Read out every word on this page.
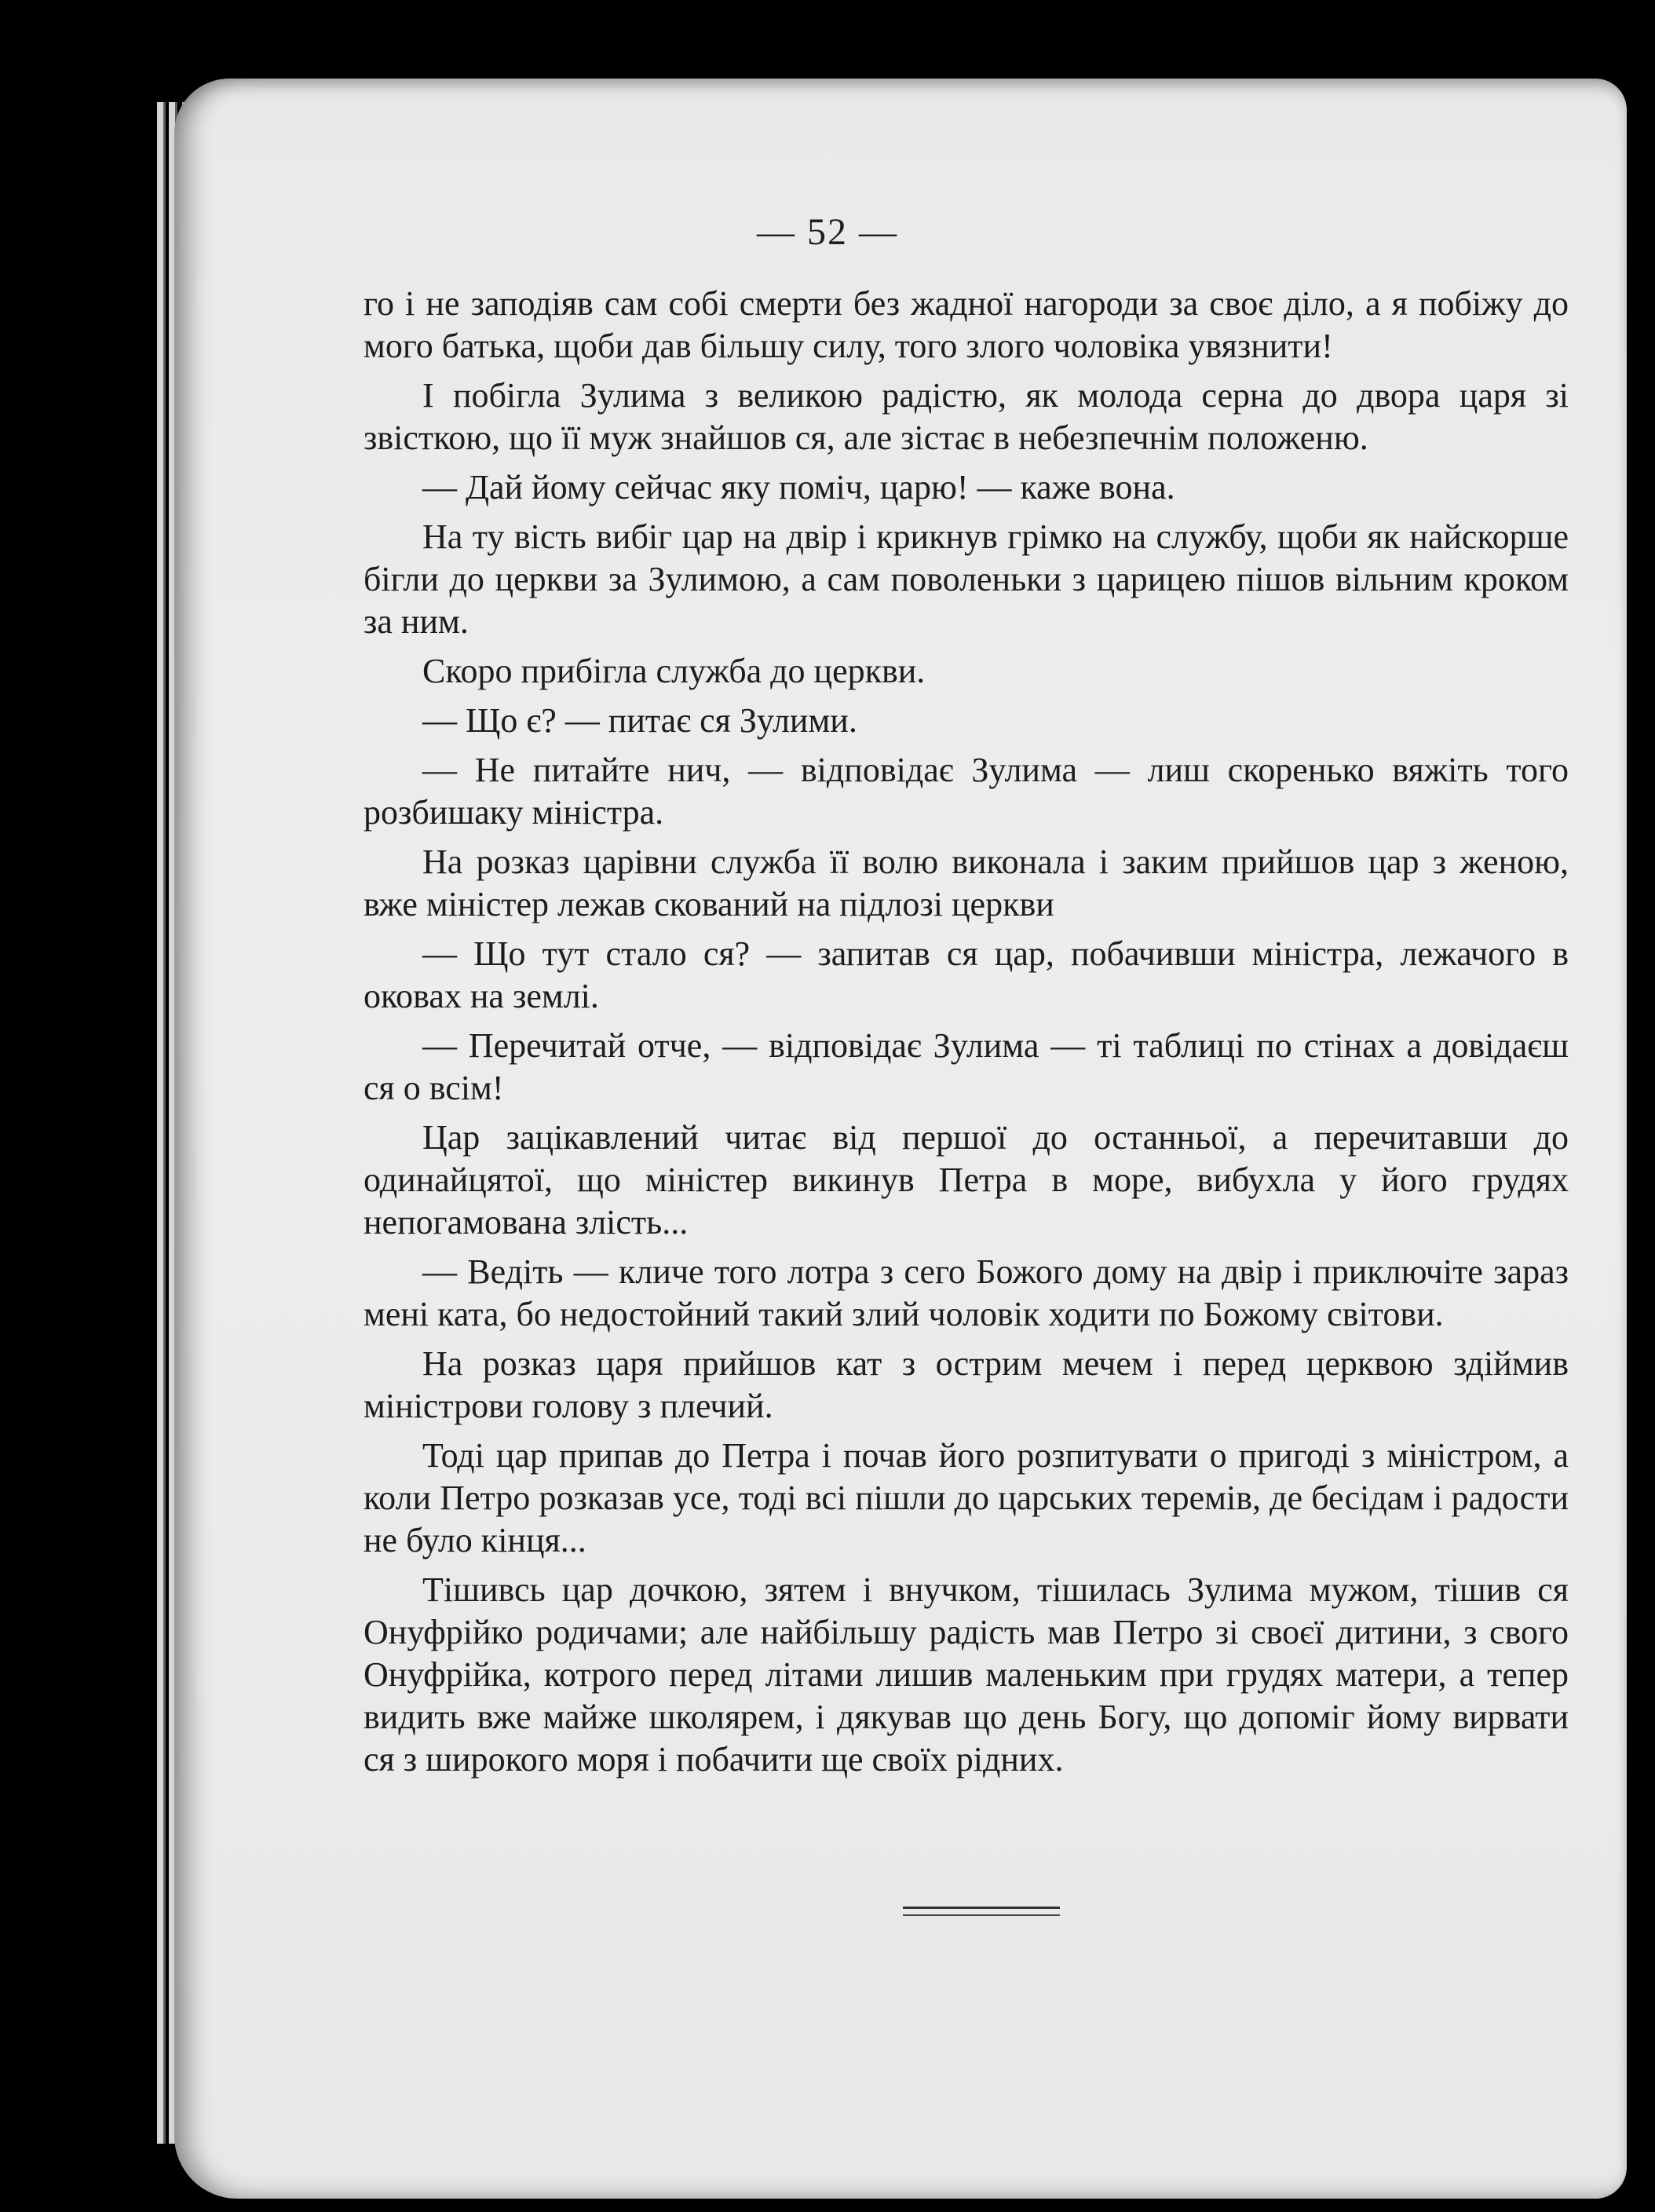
— 52 —

го і не заподіяв сам собі смерти без жадної нагороди за своє діло, а я побіжу до мого батька, щоби дав більшу силу, того злого чоловіка увязнити!

І побігла Зулима з великою радістю, як молода серна до двора царя зі звісткою, що її муж знайшов ся, але зістає в небезпечнім положеню.

— Дай йому сейчас яку поміч, царю! — каже вона.

На ту вість вибіг цар на двір і крикнув грімко на службу, щоби як найскорше бігли до церкви за Зулимою, а сам поволеньки з царицею пішов вільним кроком за ним.

Скоро прибігла служба до церкви.

— Що є? — питає ся Зулими.

— Не питайте нич, — відповідає Зулима — лиш скоренько вяжіть того розбишаку міністра.

На розказ царівни служба її волю виконала і заким прийшов цар з женою, вже міністер лежав скований на підлозі церкви

— Що тут стало ся? — запитав ся цар, побачивши міністра, лежачого в оковах на землі.

— Перечитай отче, — відповідає Зулима — ті таблиці по стінах а довідаєш ся о всім!

Цар зацікавлений читає від першої до останньої, а перечитавши до одинайцятої, що міністер викинув Петра в море, вибухла у його грудях непогамована злість...

— Ведіть — кличе того лотра з сего Божого дому на двір і приключіте зараз мені ката, бо недостойний такий злий чоловік ходити по Божому світови.

На розказ царя прийшов кат з острим мечем і перед церквою здіймив міністрови голову з плечий.

Тоді цар припав до Петра і почав його розпитувати о пригоді з міністром, а коли Петро розказав усе, тоді всі пішли до царських теремів, де бесідам і радости не було кінця...

Тішивсь цар дочкою, зятем і внучком, тішилась Зулима мужом, тішив ся Онуфрійко родичами; але найбільшу радість мав Петро зі своєї дитини, з свого Онуфрійка, котрого перед літами лишив маленьким при грудях матери, а тепер видить вже майже школярем, і дякував що день Богу, що допоміг йому вирвати ся з широкого моря і побачити ще своїх рідних.
